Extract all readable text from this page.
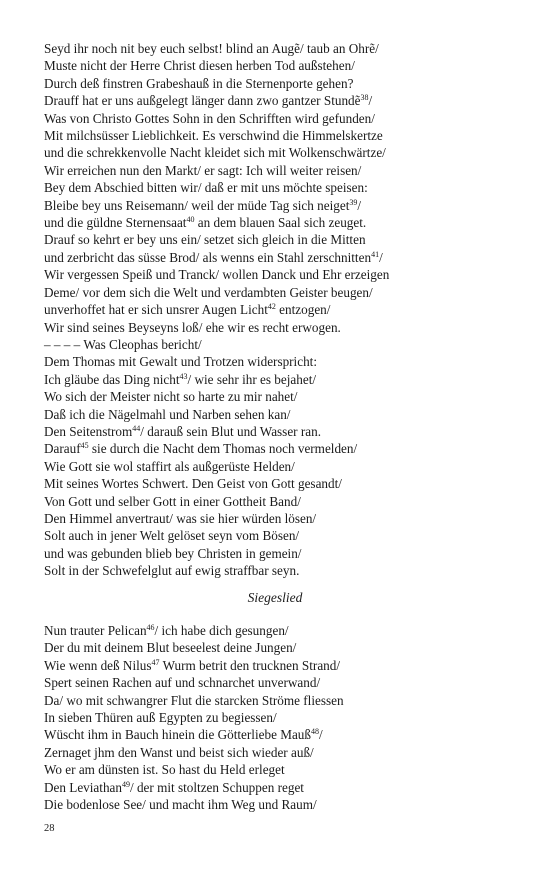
Seyd ihr noch nit bey euch selbst! blind an Augẽ/ taub an Ohrẽ/
Muste nicht der Herre Christ diesen herben Tod außstehen/
Durch deß finstren Grabeshauß in die Sternenporte gehen?
Drauff hat er uns außgelegt länger dann zwo gantzer Stundẽ$^{38}$/
Was von Christo Gottes Sohn in den Schrifften wird gefunden/
Mit milchsüsser Lieblichkeit. Es verschwind die Himmelskertze
und die schrekkenvolle Nacht kleidet sich mit Wolkenschwärtze/
Wir erreichen nun den Markt/ er sagt: Ich will weiter reisen/
Bey dem Abschied bitten wir/ daß er mit uns möchte speisen:
Bleibe bey uns Reisemann/ weil der müde Tag sich neiget$^{39}$/
und die güldne Sternensaat$^{40}$ an dem blauen Saal sich zeuget.
Drauf so kehrt er bey uns ein/ setzet sich gleich in die Mitten
und zerbricht das süsse Brod/ als wenns ein Stahl zerschnitten$^{41}$/
Wir vergessen Speiß und Tranck/ wollen Danck und Ehr erzeigen
Deme/ vor dem sich die Welt und verdambten Geister beugen/
unverhoffet hat er sich unsrer Augen Licht$^{42}$ entzogen/
Wir sind seines Beyseyns loß/ ehe wir es recht erwogen.
– – – – Was Cleophas bericht/
Dem Thomas mit Gewalt und Trotzen widerspricht:
Ich gläube das Ding nicht$^{43}$/ wie sehr ihr es bejahet/
Wo sich der Meister nicht so harte zu mir nahet/
Daß ich die Nägelmahl und Narben sehen kan/
Den Seitenstrom$^{44}$/ darauß sein Blut und Wasser ran.
Darauf$^{45}$ sie durch die Nacht dem Thomas noch vermelden/
Wie Gott sie wol staffirt als außgerüste Helden/
Mit seines Wortes Schwert. Den Geist von Gott gesandt/
Von Gott und selber Gott in einer Gottheit Band/
Den Himmel anvertraut/ was sie hier würden lösen/
Solt auch in jener Welt gelöset seyn vom Bösen/
und was gebunden blieb bey Christen in gemein/
Solt in der Schwefelglut auf ewig straffbar seyn.
Siegeslied
Nun trauter Pelican$^{46}$/ ich habe dich gesungen/
Der du mit deinem Blut beseelest deine Jungen/
Wie wenn deß Nilus$^{47}$ Wurm betrit den trucknen Strand/
Spert seinen Rachen auf und schnarchet unverwand/
Da/ wo mit schwangrer Flut die starcken Ströme fliessen
In sieben Thüren auß Egypten zu begiessen/
Wüscht ihm in Bauch hinein die Götterliebe Mauß$^{48}$/
Zernaget jhm den Wanst und beist sich wieder auß/
Wo er am dünsten ist. So hast du Held erleget
Den Leviathan$^{49}$/ der mit stoltzen Schuppen reget
Die bodenlose See/ und macht ihm Weg und Raum/
28
